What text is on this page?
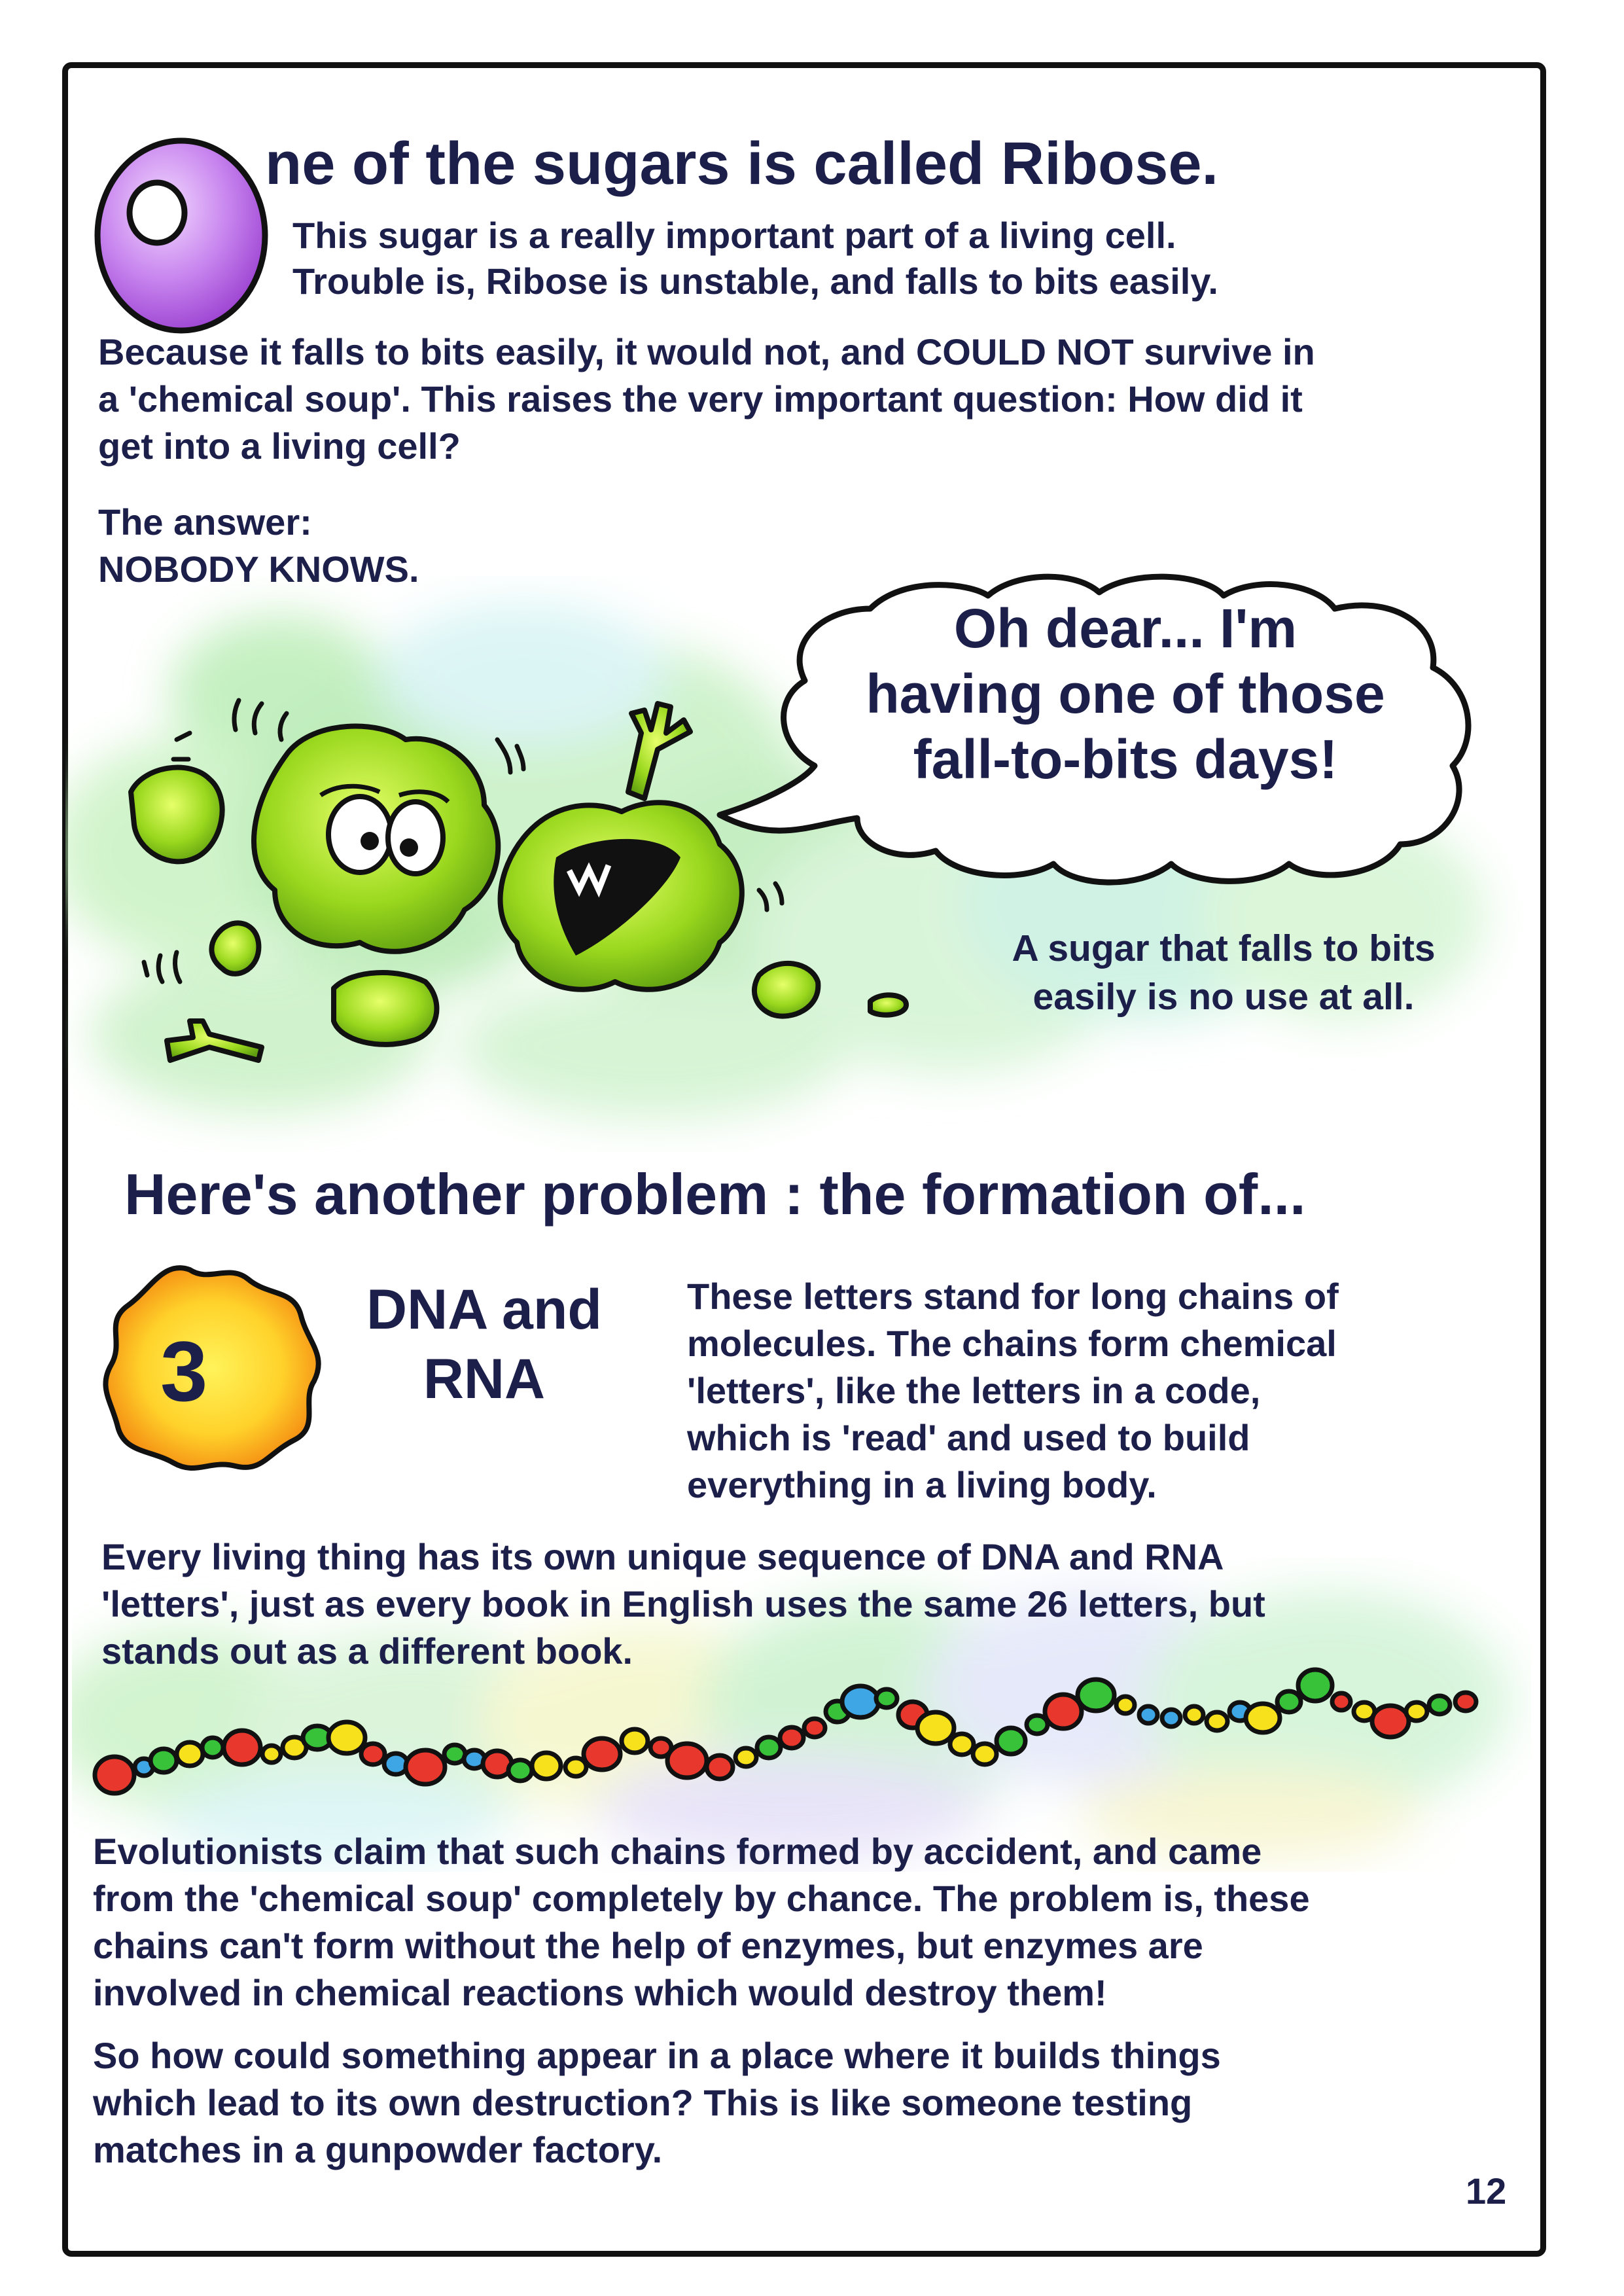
ne of the sugars is called Ribose.

This sugar is a really important part of a living cell.
Trouble is, Ribose is unstable, and falls to bits easily.

Because it falls to bits easily, it would not, and COULD NOT survive in
a 'chemical soup'. This raises the very important question: How did it
get into a living cell?

The answer:
NOBODY KNOWS.

Oh dear... I'm
having one of those
fall-to-bits days!

A sugar that falls to bits
easily is no use at all.

Here's another problem : the formation of...

3

DNA and
RNA

These letters stand for long chains of
molecules. The chains form chemical
'letters', like the letters in a code,
which is 'read' and used to build
everything in a living body.

Every living thing has its own unique sequence of DNA and RNA
'letters', just as every book in English uses the same 26 letters, but
stands out as a different book.

Evolutionists claim that such chains formed by accident, and came
from the 'chemical soup' completely by chance. The problem is, these
chains can't form without the help of enzymes, but enzymes are
involved in chemical reactions which would destroy them!

So how could something appear in a place where it builds things
which lead to its own destruction? This is like someone testing
matches in a gunpowder factory.

12
